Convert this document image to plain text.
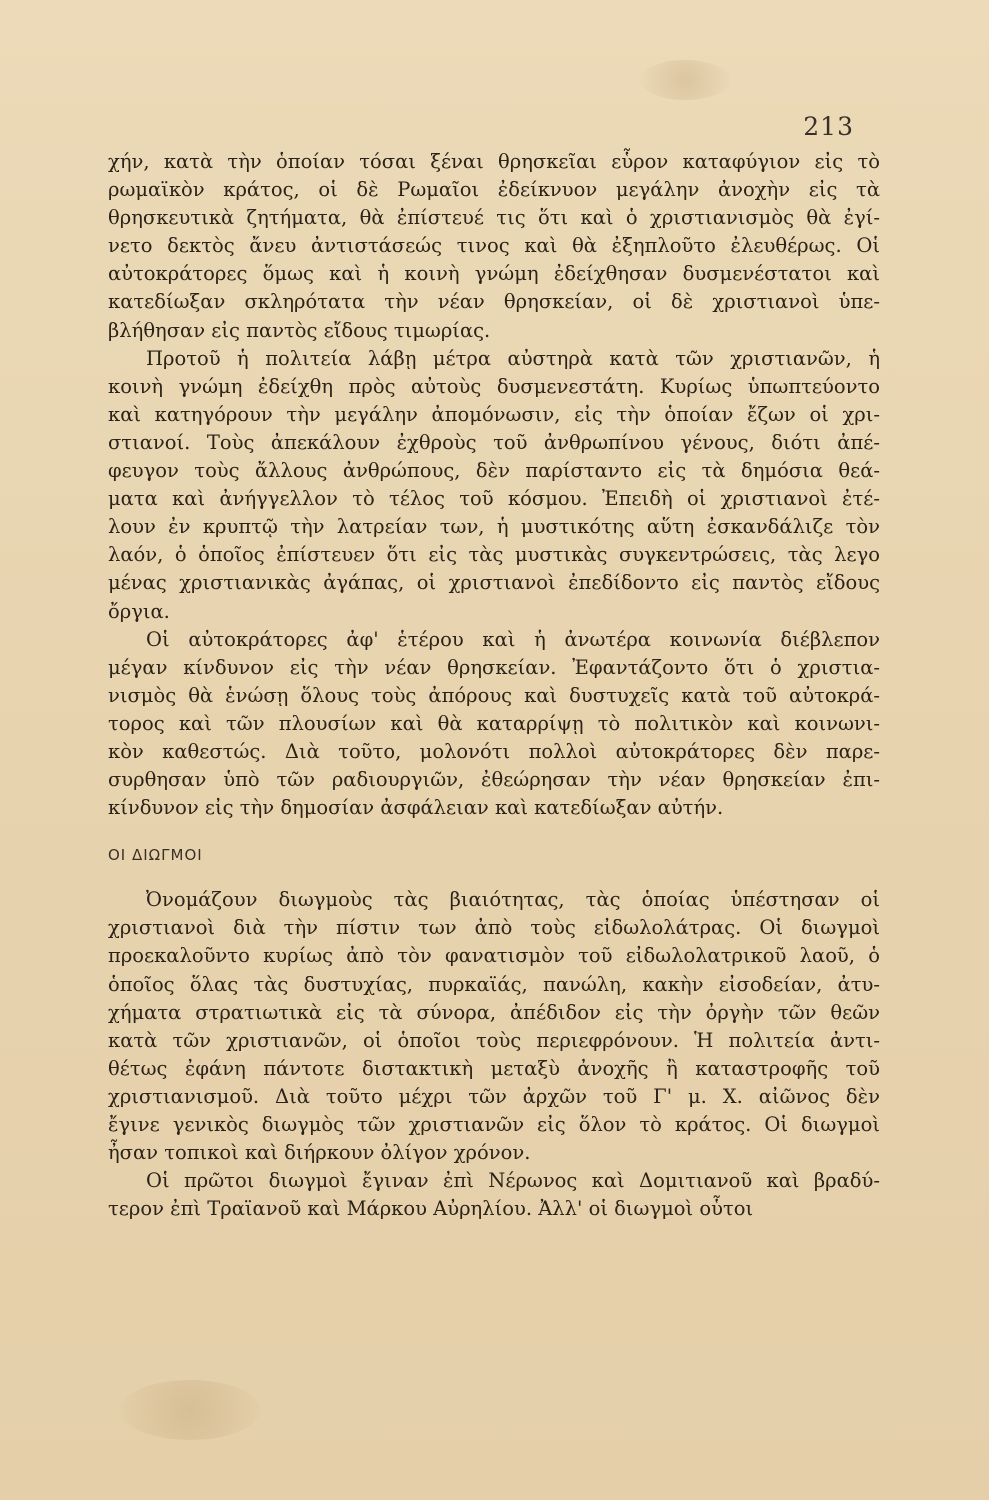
213
χήν, κατὰ τὴν ὁποίαν τόσαι ξέναι θρησκεῖαι εὗρον καταφύγιον εἰς τὸ
ρωμαϊκὸν κράτος, οἱ δὲ Ρωμαῖοι ἐδείκνυον μεγάλην ἀνοχὴν εἰς τὰ
θρησκευτικὰ ζητήματα, θὰ ἐπίστευέ τις ὅτι καὶ ὁ χριστιανισμὸς θὰ ἐγί-
νετο δεκτὸς ἄνευ ἀντιστάσεώς τινος καὶ θὰ ἐξηπλοῦτο ἐλευθέρως. Οἱ
αὐτοκράτορες ὅμως καὶ ἡ κοινὴ γνώμη ἐδείχθησαν δυσμενέστατοι καὶ
κατεδίωξαν σκληρότατα τὴν νέαν θρησκείαν, οἱ δὲ χριστιανοὶ ὑπε-
βλήθησαν εἰς παντὸς εἴδους τιμωρίας.
Προτοῦ ἡ πολιτεία λάβῃ μέτρα αὐστηρὰ κατὰ τῶν χριστιανῶν, ἡ
κοινὴ γνώμη ἐδείχθη πρὸς αὐτοὺς δυσμενεστάτη. Κυρίως ὑπωπτεύοντο
καὶ κατηγόρουν τὴν μεγάλην ἀπομόνωσιν, εἰς τὴν ὁποίαν ἔζων οἱ χρι-
στιανοί. Τοὺς ἀπεκάλουν ἐχθροὺς τοῦ ἀνθρωπίνου γένους, διότι ἀπέ-
φευγον τοὺς ἄλλους ἀνθρώπους, δὲν παρίσταντο εἰς τὰ δημόσια θεά-
ματα καὶ ἀνήγγελλον τὸ τέλος τοῦ κόσμου. Ἐπειδὴ οἱ χριστιανοὶ ἐτέ-
λουν ἐν κρυπτῷ τὴν λατρείαν των, ἡ μυστικότης αὕτη ἐσκανδάλιζε τὸν
λαόν, ὁ ὁποῖος ἐπίστευεν ὅτι εἰς τὰς μυστικὰς συγκεντρώσεις, τὰς λεγο
μένας χριστιανικὰς ἀγάπας, οἱ χριστιανοὶ ἐπεδίδοντο εἰς παντὸς εἴδους
ὄργια.
Οἱ αὐτοκράτορες ἀφ' ἑτέρου καὶ ἡ ἀνωτέρα κοινωνία διέβλεπον
μέγαν κίνδυνον εἰς τὴν νέαν θρησκείαν. Ἐφαντάζοντο ὅτι ὁ χριστια-
νισμὸς θὰ ἑνώσῃ ὅλους τοὺς ἀπόρους καὶ δυστυχεῖς κατὰ τοῦ αὐτοκρά-
τορος καὶ τῶν πλουσίων καὶ θὰ καταρρίψῃ τὸ πολιτικὸν καὶ κοινωνι-
κὸν καθεστώς. Διὰ τοῦτο, μολονότι πολλοὶ αὐτοκράτορες δὲν παρε-
συρθησαν ὑπὸ τῶν ραδιουργιῶν, ἐθεώρησαν τὴν νέαν θρησκείαν ἐπι-
κίνδυνον εἰς τὴν δημοσίαν ἀσφάλειαν καὶ κατεδίωξαν αὐτήν.
ΟΙ ΔΙΩΓΜΟΙ
Ὀνομάζουν διωγμοὺς τὰς βιαιότητας, τὰς ὁποίας ὑπέστησαν οἱ
χριστιανοὶ διὰ τὴν πίστιν των ἀπὸ τοὺς εἰδωλολάτρας. Οἱ διωγμοὶ
προεκαλοῦντο κυρίως ἀπὸ τὸν φανατισμὸν τοῦ εἰδωλολατρικοῦ λαοῦ, ὁ
ὁποῖος ὅλας τὰς δυστυχίας, πυρκαϊάς, πανώλη, κακὴν εἰσοδείαν, ἀτυ-
χήματα στρατιωτικὰ εἰς τὰ σύνορα, ἀπέδιδον εἰς τὴν ὀργὴν τῶν θεῶν
κατὰ τῶν χριστιανῶν, οἱ ὁποῖοι τοὺς περιεφρόνουν. Ἡ πολιτεία ἀντι-
θέτως ἐφάνη πάντοτε διστακτικὴ μεταξὺ ἀνοχῆς ἢ καταστροφῆς τοῦ
χριστιανισμοῦ. Διὰ τοῦτο μέχρι τῶν ἀρχῶν τοῦ Γ' μ. Χ. αἰῶνος δὲν
ἔγινε γενικὸς διωγμὸς τῶν χριστιανῶν εἰς ὅλον τὸ κράτος. Οἱ διωγμοὶ
ἦσαν τοπικοὶ καὶ διήρκουν ὀλίγον χρόνον.
Οἱ πρῶτοι διωγμοὶ ἔγιναν ἐπὶ Νέρωνος καὶ Δομιτιανοῦ καὶ βραδύ-
τερον ἐπὶ Τραϊανοῦ καὶ Μάρκου Αὐρηλίου. Ἀλλ' οἱ διωγμοὶ οὗτοι
